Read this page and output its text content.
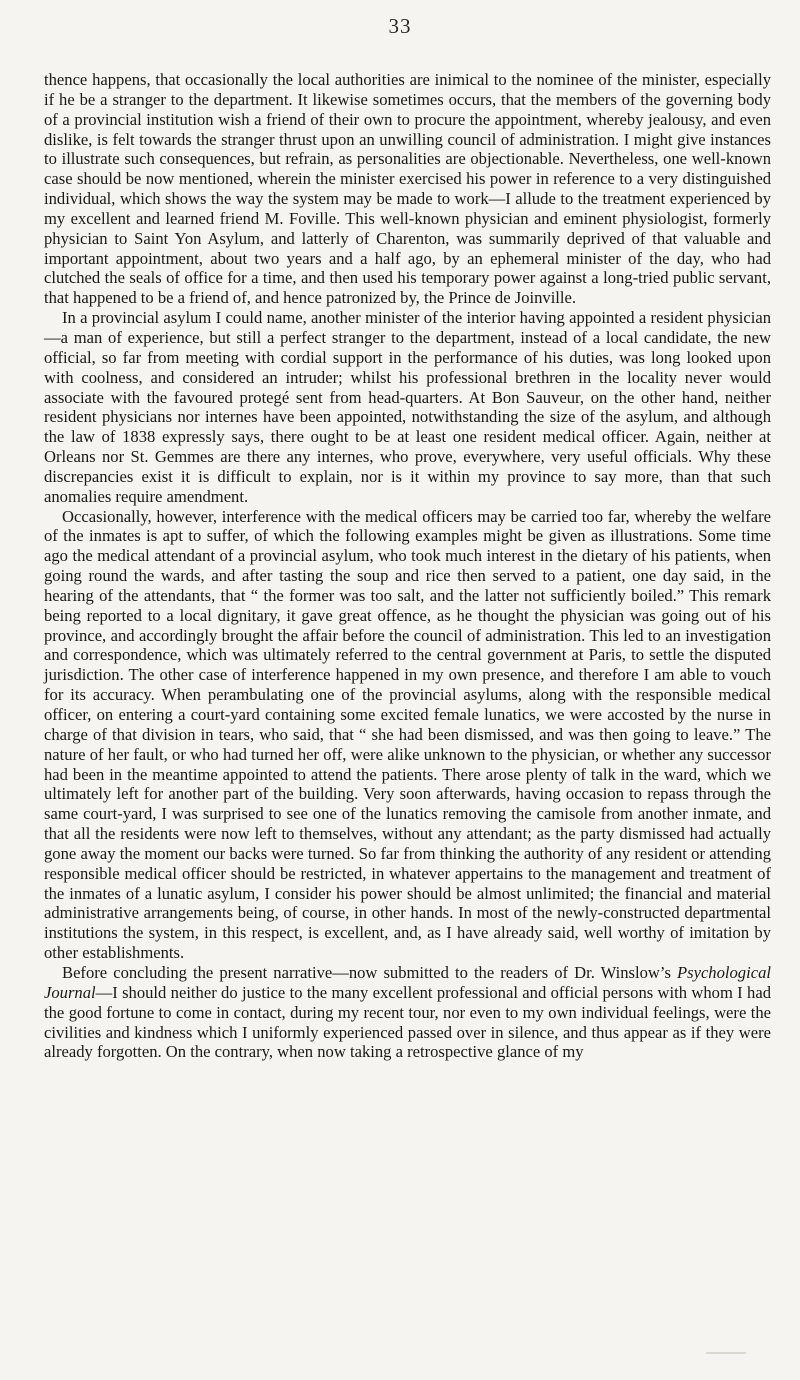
33

thence happens, that occasionally the local authorities are inimical to the nominee of the minister, especially if he be a stranger to the department. It likewise sometimes occurs, that the members of the governing body of a provincial institution wish a friend of their own to procure the appointment, whereby jealousy, and even dislike, is felt towards the stranger thrust upon an unwilling council of administration. I might give instances to illustrate such consequences, but refrain, as personalities are objectionable. Nevertheless, one well-known case should be now mentioned, wherein the minister exercised his power in reference to a very distinguished individual, which shows the way the system may be made to work—I allude to the treatment experienced by my excellent and learned friend M. Foville. This well-known physician and eminent physiologist, formerly physician to Saint Yon Asylum, and latterly of Charenton, was summarily deprived of that valuable and important appointment, about two years and a half ago, by an ephemeral minister of the day, who had clutched the seals of office for a time, and then used his temporary power against a long-tried public servant, that happened to be a friend of, and hence patronized by, the Prince de Joinville.

In a provincial asylum I could name, another minister of the interior having appointed a resident physician—a man of experience, but still a perfect stranger to the department, instead of a local candidate, the new official, so far from meeting with cordial support in the performance of his duties, was long looked upon with coolness, and considered an intruder; whilst his professional brethren in the locality never would associate with the favoured protegé sent from head-quarters. At Bon Sauveur, on the other hand, neither resident physicians nor internes have been appointed, notwithstanding the size of the asylum, and although the law of 1838 expressly says, there ought to be at least one resident medical officer. Again, neither at Orleans nor St. Gemmes are there any internes, who prove, everywhere, very useful officials. Why these discrepancies exist it is difficult to explain, nor is it within my province to say more, than that such anomalies require amendment.

Occasionally, however, interference with the medical officers may be carried too far, whereby the welfare of the inmates is apt to suffer, of which the following examples might be given as illustrations. Some time ago the medical attendant of a provincial asylum, who took much interest in the dietary of his patients, when going round the wards, and after tasting the soup and rice then served to a patient, one day said, in the hearing of the attendants, that “ the former was too salt, and the latter not sufficiently boiled.” This remark being reported to a local dignitary, it gave great offence, as he thought the physician was going out of his province, and accordingly brought the affair before the council of administration. This led to an investigation and correspondence, which was ultimately referred to the central government at Paris, to settle the disputed jurisdiction. The other case of interference happened in my own presence, and therefore I am able to vouch for its accuracy. When perambulating one of the provincial asylums, along with the responsible medical officer, on entering a court-yard containing some excited female lunatics, we were accosted by the nurse in charge of that division in tears, who said, that “ she had been dismissed, and was then going to leave.” The nature of her fault, or who had turned her off, were alike unknown to the physician, or whether any successor had been in the meantime appointed to attend the patients. There arose plenty of talk in the ward, which we ultimately left for another part of the building. Very soon afterwards, having occasion to repass through the same court-yard, I was surprised to see one of the lunatics removing the camisole from another inmate, and that all the residents were now left to themselves, without any attendant; as the party dismissed had actually gone away the moment our backs were turned. So far from thinking the authority of any resident or attending responsible medical officer should be restricted, in whatever appertains to the management and treatment of the inmates of a lunatic asylum, I consider his power should be almost unlimited; the financial and material administrative arrangements being, of course, in other hands. In most of the newly-constructed departmental institutions the system, in this respect, is excellent, and, as I have already said, well worthy of imitation by other establishments.

Before concluding the present narrative—now submitted to the readers of Dr. Winslow’s Psychological Journal—I should neither do justice to the many excellent professional and official persons with whom I had the good fortune to come in contact, during my recent tour, nor even to my own individual feelings, were the civilities and kindness which I uniformly experienced passed over in silence, and thus appear as if they were already forgotten. On the contrary, when now taking a retrospective glance of my
